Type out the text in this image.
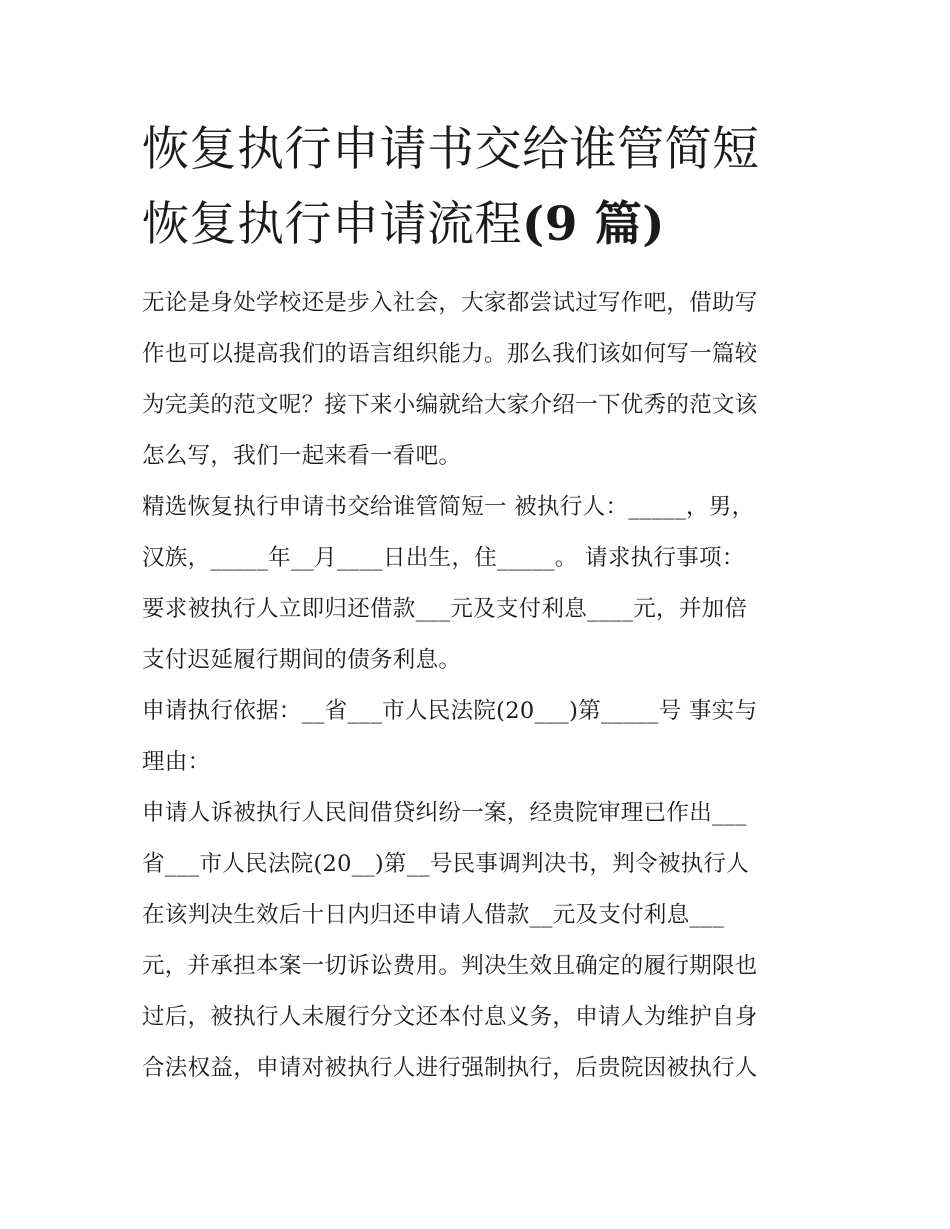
恢复执行申请书交给谁管简短
恢复执行申请流程(9 篇)

无论是身处学校还是步入社会，大家都尝试过写作吧，借助写
作也可以提高我们的语言组织能力。那么我们该如何写一篇较
为完美的范文呢？接下来小编就给大家介绍一下优秀的范文该
怎么写，我们一起来看一看吧。

精选恢复执行申请书交给谁管简短一 被执行人：_____，男，
汉族，_____年__月____日出生，住_____。 请求执行事项：
要求被执行人立即归还借款___元及支付利息____元，并加倍
支付迟延履行期间的债务利息。

申请执行依据：__省___市人民法院(20___)第_____号 事实与
理由：

申请人诉被执行人民间借贷纠纷一案，经贵院审理已作出___
省___市人民法院(20__)第__号民事调判决书，判令被执行人
在该判决生效后十日内归还申请人借款__元及支付利息___
元，并承担本案一切诉讼费用。判决生效且确定的履行期限也
过后，被执行人未履行分文还本付息义务，申请人为维护自身
合法权益，申请对被执行人进行强制执行，后贵院因被执行人
